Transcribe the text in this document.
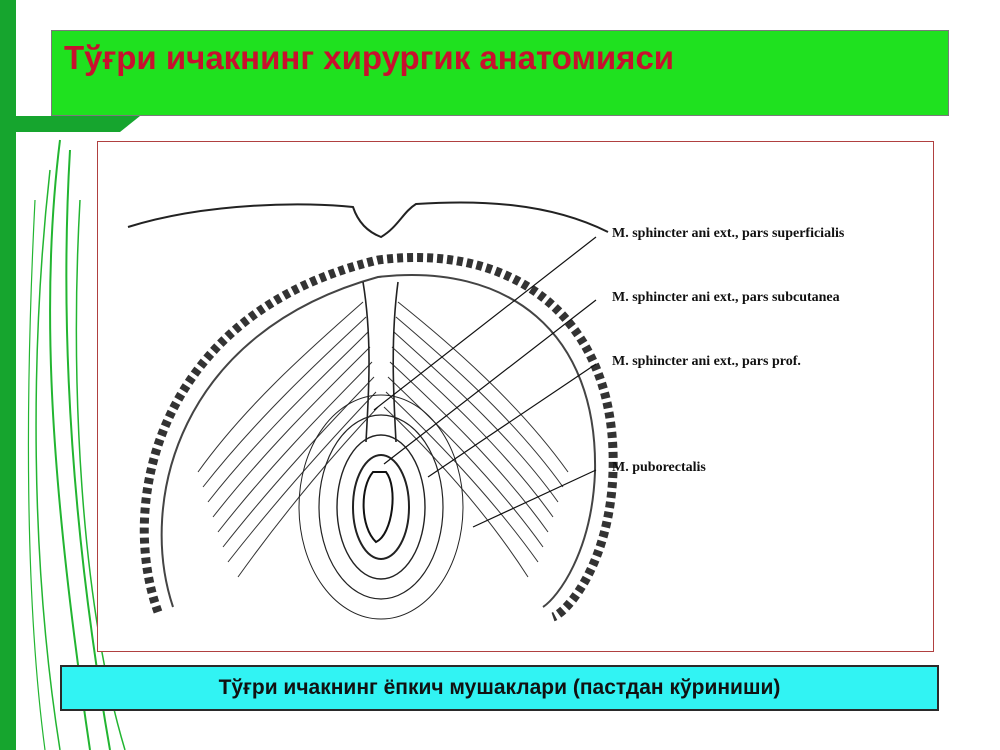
Тўғри ичакнинг хирургик анатомияси
M. sphincter ani ext., pars superficialis
M. sphincter ani ext., pars subcutanea
M. sphincter ani ext., pars prof.
M. puborectalis
Тўғри ичакнинг ёпкич мушаклари (пастдан кўриниши)
